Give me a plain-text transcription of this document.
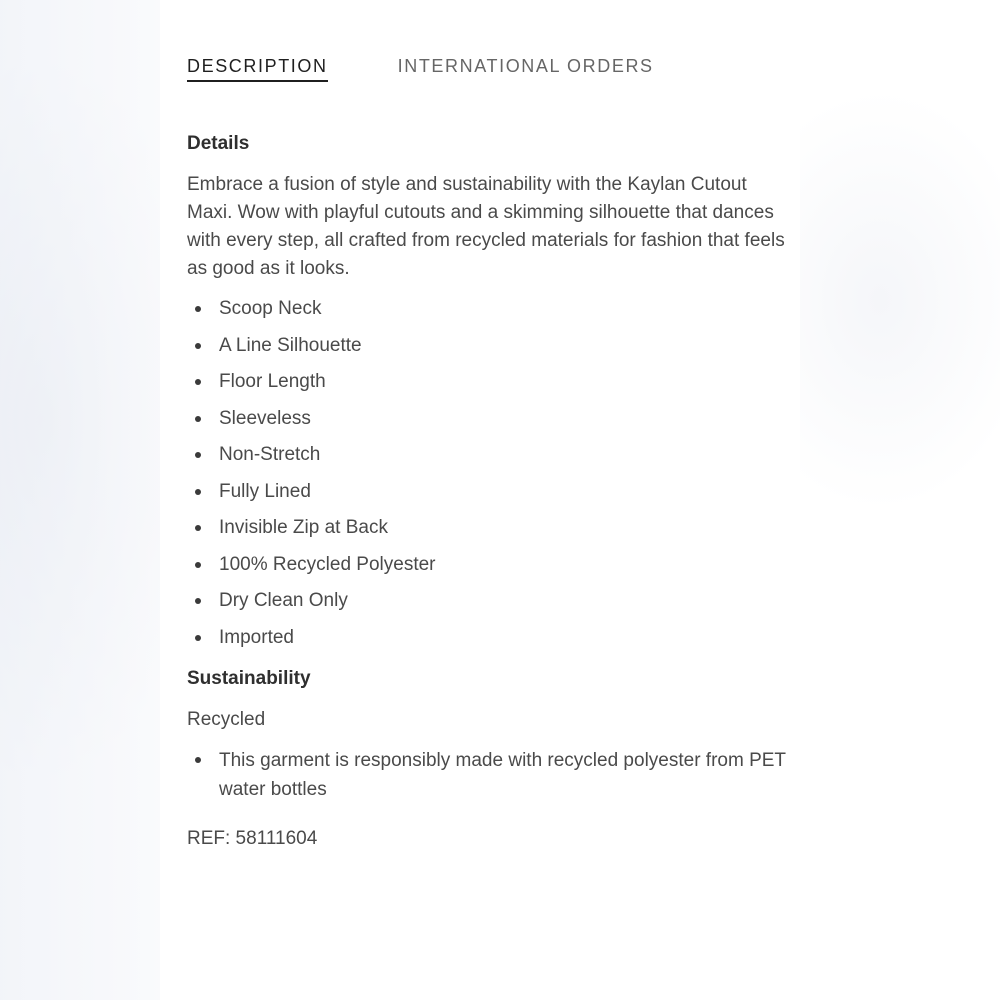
DESCRIPTION	INTERNATIONAL ORDERS
Details

Embrace a fusion of style and sustainability with the Kaylan Cutout Maxi. Wow with playful cutouts and a skimming silhouette that dances with every step, all crafted from recycled materials for fashion that feels as good as it looks.

Scoop Neck
A Line Silhouette
Floor Length
Sleeveless
Non-Stretch
Fully Lined
Invisible Zip at Back
100% Recycled Polyester
Dry Clean Only
Imported
Sustainability
Recycled
This garment is responsibly made with recycled polyester from PET water bottles
REF: 58111604
